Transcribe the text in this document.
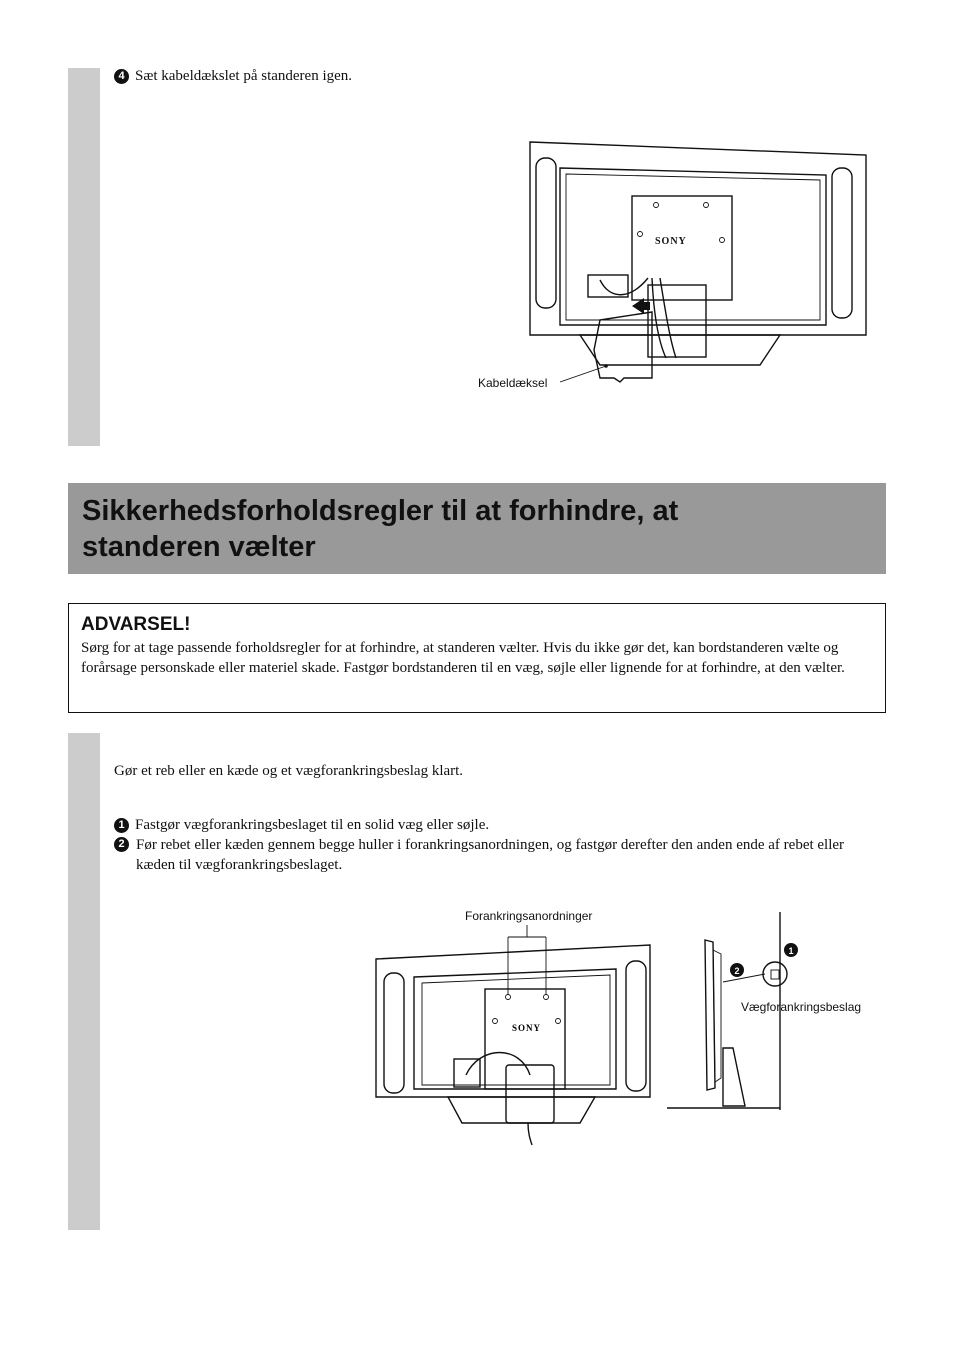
4 Sæt kabeldækslet på standeren igen.
Kabeldæksel
SONY
Sikkerhedsforholdsregler til at forhindre, at
standeren vælter
ADVARSEL!

Sørg for at tage passende forholdsregler for at forhindre, at standeren vælter. Hvis du ikke gør det, kan bordstanderen vælte og forårsage personskade eller materiel skade. Fastgør bordstanderen til en væg, søjle eller lignende for at forhindre, at den vælter.

Gør et reb eller en kæde og et vægforankringsbeslag klart.
1 Fastgør vægforankringsbeslaget til en solid væg eller søjle.
2 Før rebet eller kæden gennem begge huller i forankringsanordningen, og fastgør derefter den anden ende af rebet eller kæden til vægforankringsbeslaget.
Forankringsanordninger
SONY
1
2
Vægforankringsbeslag
